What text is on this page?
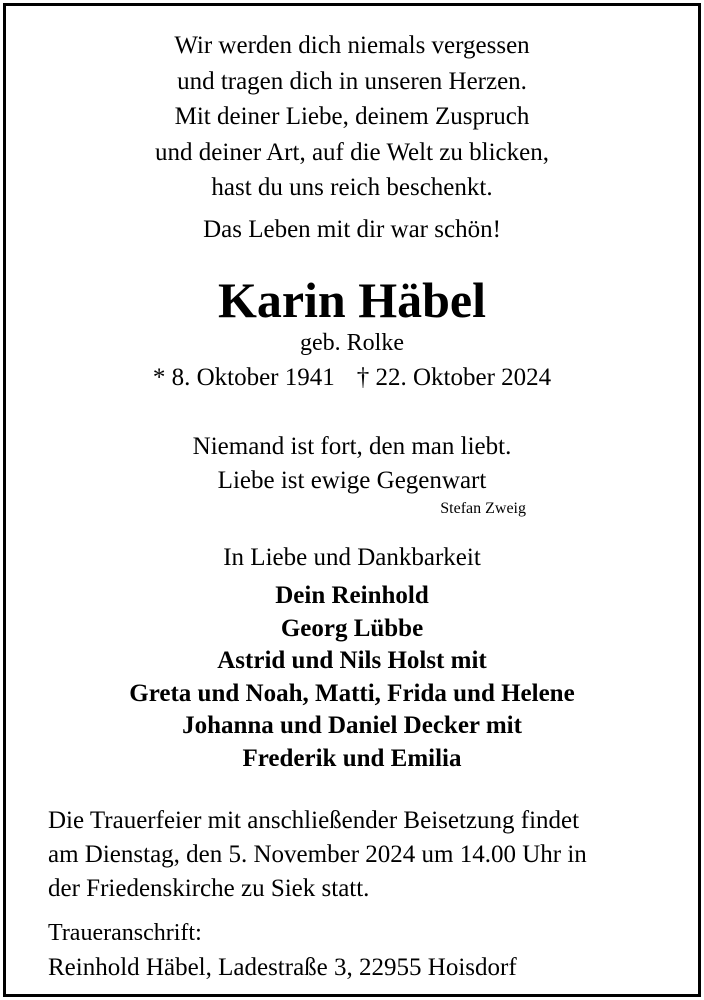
Wir werden dich niemals vergessen
und tragen dich in unseren Herzen.
Mit deiner Liebe, deinem Zuspruch
und deiner Art, auf die Welt zu blicken,
hast du uns reich beschenkt.
Das Leben mit dir war schön!
Karin Häbel
geb. Rolke
* 8. Oktober 1941 † 22. Oktober 2024
Niemand ist fort, den man liebt.
Liebe ist ewige Gegenwart
Stefan Zweig
In Liebe und Dankbarkeit
Dein Reinhold
Georg Lübbe
Astrid und Nils Holst mit
Greta und Noah, Matti, Frida und Helene
Johanna und Daniel Decker mit
Frederik und Emilia
Die Trauerfeier mit anschließender Beisetzung findet
am Dienstag, den 5. November 2024 um 14.00 Uhr in
der Friedenskirche zu Siek statt.
Traueranschrift:
Reinhold Häbel, Ladestraße 3, 22955 Hoisdorf
